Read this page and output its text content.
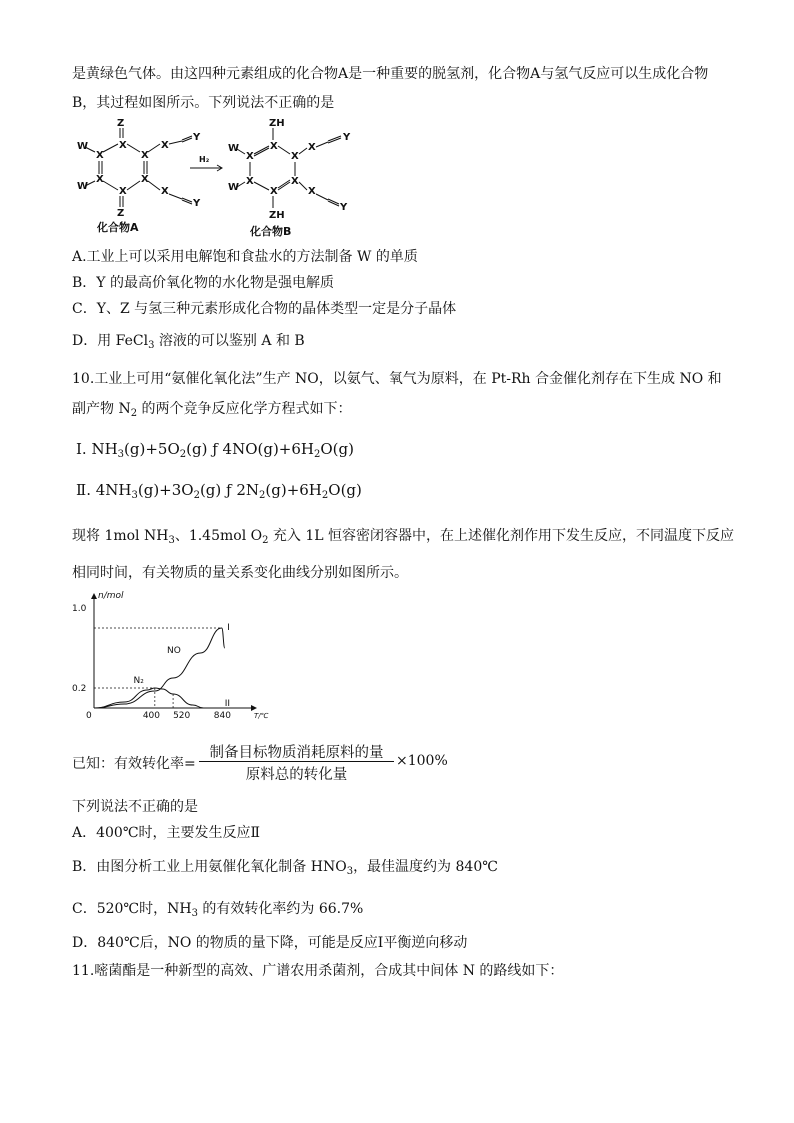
是黄绿色气体。由这四种元素组成的化合物A是一种重要的脱氢剂，化合物A与氢气反应可以生成化合物
B，其过程如图所示。下列说法不正确的是
Z
W
X
X
X
X
Y
W
X
X
X
X
Y
Z
ZH
W
X
X
X
X
Y
W
X
X
X
X
Y
ZH
H₂
化合物A	化合物B
A.工业上可以采用电解饱和食盐水的方法制备 W 的单质
B．Y 的最高价氧化物的水化物是强电解质
C．Y、Z 与氢三种元素形成化合物的晶体类型一定是分子晶体
D．用 FeCl$_3$ 溶液的可以鉴别 A 和 B
10.工业上可用“氨催化氧化法”生产 NO，以氨气、氧气为原料，在 Pt-Rh 合金催化剂存在下生成 NO 和
副产物 $N_2$ 的两个竞争反应化学方程式如下：
Ⅰ. $NH_3(g)+5O_2(g)$ ƒ $4NO(g)+6H_2O(g)$
Ⅱ. $4NH_3(g)+3O_2(g)$ ƒ $2N_2(g)+6H_2O(g)$
现将 1mol $NH_3$、1.45mol $O_2$ 充入 1L 恒容密闭容器中，在上述催化剂作用下发生反应，不同温度下反应
相同时间，有关物质的量关系变化曲线分别如图所示。
0
0.2
1.0
400 520	840
n/mol
T/℃
NO
N₂
I
II
已知：有效转化率=
制备目标物质消耗原料的量
原料总的转化量
×100%
下列说法不正确的是
A．400℃时，主要发生反应Ⅱ
B．由图分析工业上用氨催化氧化制备 $HNO_3$，最佳温度约为 840℃
C．520℃时，$NH_3$ 的有效转化率约为 66.7%
D．840℃后，NO 的物质的量下降，可能是反应Ⅰ平衡逆向移动
11.嘧菌酯是一种新型的高效、广谱农用杀菌剂，合成其中间体 N 的路线如下：
